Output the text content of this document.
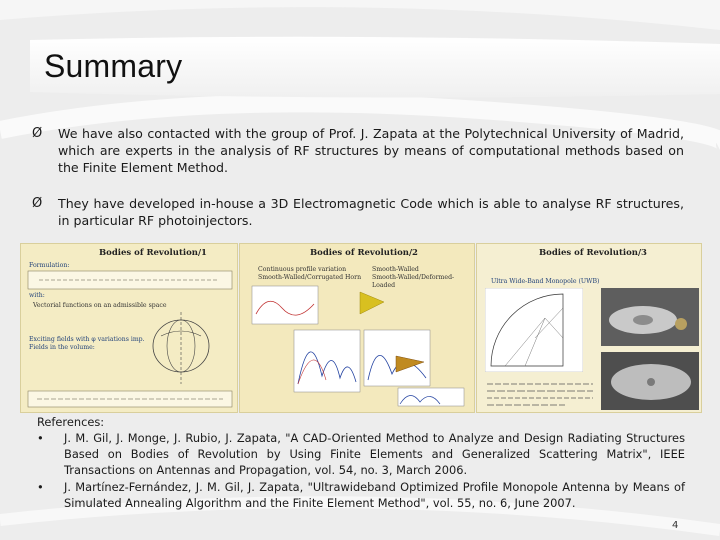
Summary
Ø We have also contacted with the group of Prof. J. Zapata at the Polytechnical University of Madrid, which are experts in the analysis of RF structures by means of computational methods based on the Finite Element Method.
Ø They have developed in-house a 3D Electromagnetic Code which is able to analyse RF structures, in particular RF photoinjectors.
Bodies of Revolution/1
Formulation:
with:
Vectorial functions on an admissible space
Exciting fields with φ variations imp.
Fields in the volume:
Bodies of Revolution/2
Continuous profile variation
Smooth-Walled/Corrugated Horn
Smooth-Walled
Smooth-Walled/Deformed-Loaded
Bodies of Revolution/3
Ultra Wide-Band Monopole (UWB)
References:
• J. M. Gil, J. Monge, J. Rubio, J. Zapata, "A CAD-Oriented Method to Analyze and Design Radiating Structures Based on Bodies of Revolution by Using Finite Elements and Generalized Scattering Matrix", IEEE Transactions on Antennas and Propagation, vol. 54, no. 3, March 2006.
• J. Martínez-Fernández, J. M. Gil, J. Zapata, "Ultrawideband Optimized Profile Monopole Antenna by Means of Simulated Annealing Algorithm and the Finite Element Method", vol. 55, no. 6, June 2007.
4
